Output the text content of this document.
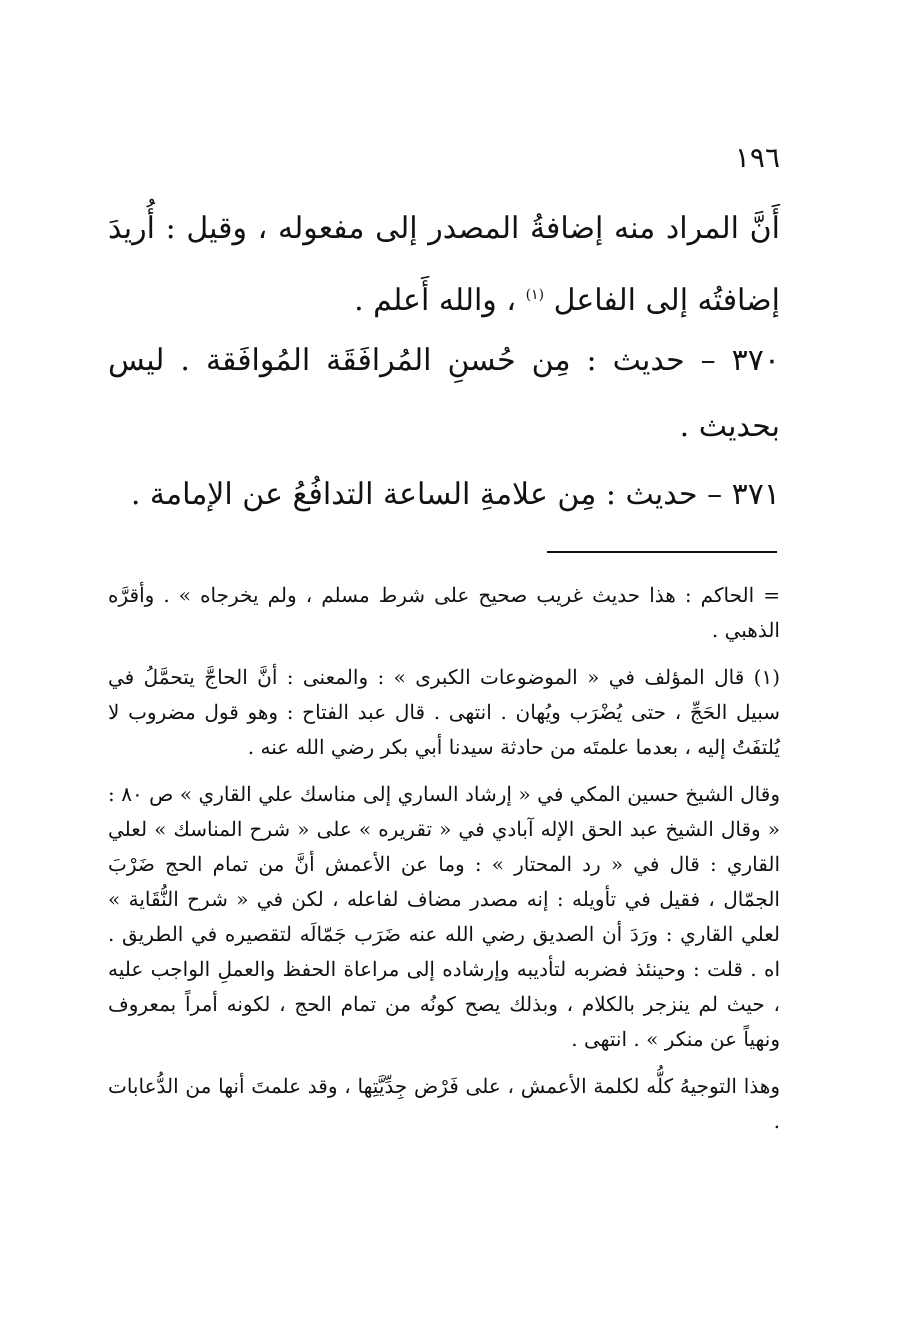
١٩٦

أَنَّ المراد منه إضافةُ المصدر إلى مفعوله ، وقيل : أُريدَ إضافتُه إلى الفاعل $^{(١)}$ ، والله أَعلم .

٣٧٠ – حديث : مِن حُسنِ المُرافَقَة المُوافَقة . ليس بحديث .

٣٧١ – حديث : مِن علامةِ الساعة التدافُعُ عن الإمامة .

= الحاكم : هذا حديث غريب صحيح على شرط مسلم ، ولم يخرجاه » . وأقرَّه الذهبي .

(١) قال المؤلف في « الموضوعات الكبرى » : والمعنى : أنَّ الحاجَّ يتحمَّلُ في سبيل الحَجِّ ، حتى يُضْرَب ويُهان . انتهى . قال عبد الفتاح : وهو قول مضروب لا يُلتفَتُ إليه ، بعدما علمتَه من حادثة سيدنا أبي بكر رضي الله عنه .

وقال الشيخ حسين المكي في « إرشاد الساري إلى مناسك علي القاري » ص ٨٠ : « وقال الشيخ عبد الحق الإله آبادي في « تقريره » على « شرح المناسك » لعلي القاري : قال في « رد المحتار » : وما عن الأعمش أنَّ من تمام الحج ضَرْبَ الجمّال ، فقيل في تأويله : إنه مصدر مضاف لفاعله ، لكن في « شرح النُّقَاية » لعلي القاري : ورَدَ أن الصديق رضي الله عنه ضَرَب جَمّالَه لتقصيره في الطريق . اه . قلت : وحينئذ فضربه لتأديبه وإرشاده إلى مراعاة الحفظ والعملِ الواجب عليه ، حيث لم ينزجر بالكلام ، وبذلك يصح كونُه من تمام الحج ، لكونه أمراً بمعروف ونهياً عن منكر » . انتهى .

وهذا التوجيهُ كلُّه لكلمة الأعمش ، على فَرْض جِدِّيَّتِها ، وقد علمتَ أنها من الدُّعابات .
